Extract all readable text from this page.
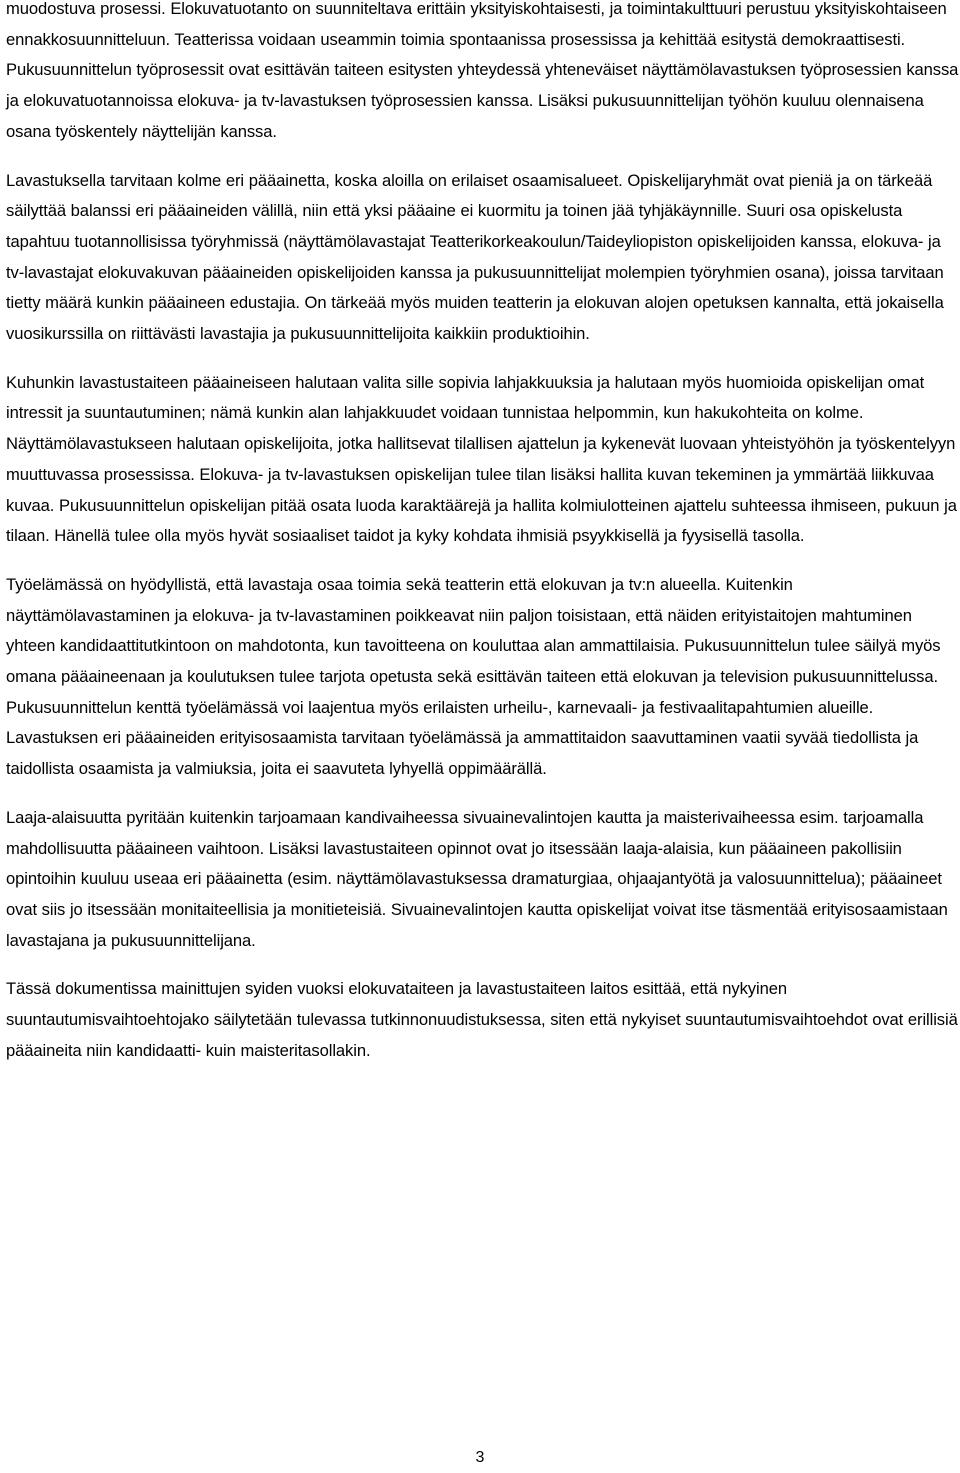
muodostuva prosessi. Elokuvatuotanto on suunniteltava erittäin yksityiskohtaisesti, ja toimintakulttuuri perustuu yksityiskohtaiseen ennakkosuunnitteluun. Teatterissa voidaan useammin toimia spontaanissa prosessissa ja kehittää esitystä demokraattisesti. Pukusuunnittelun työprosessit ovat esittävän taiteen esitysten yhteydessä yhteneväiset näyttämölavastuksen työprosessien kanssa ja elokuvatuotannoissa elokuva- ja tv-lavastuksen työprosessien kanssa. Lisäksi pukusuunnittelijan työhön kuuluu olennaisena osana työskentely näyttelijän kanssa.

Lavastuksella tarvitaan kolme eri pääainetta, koska aloilla on erilaiset osaamisalueet. Opiskelijaryhmät ovat pieniä ja on tärkeää säilyttää balanssi eri pääaineiden välillä, niin että yksi pääaine ei kuormitu ja toinen jää tyhjäkäynnille. Suuri osa opiskelusta tapahtuu tuotannollisissa työryhmissä (näyttämölavastajat Teatterikorkeakoulun/Taideyliopiston opiskelijoiden kanssa, elokuva- ja tv-lavastajat elokuvakuvan pääaineiden opiskelijoiden kanssa ja pukusuunnittelijat molempien työryhmien osana), joissa tarvitaan tietty määrä kunkin pääaineen edustajia. On tärkeää myös muiden teatterin ja elokuvan alojen opetuksen kannalta, että jokaisella vuosikurssilla on riittävästi lavastajia ja pukusuunnittelijoita kaikkiin produktioihin.

Kuhunkin lavastustaiteen pääaineiseen halutaan valita sille sopivia lahjakkuuksia ja halutaan myös huomioida opiskelijan omat intressit ja suuntautuminen; nämä kunkin alan lahjakkuudet voidaan tunnistaa helpommin, kun hakukohteita on kolme. Näyttämölavastukseen halutaan opiskelijoita, jotka hallitsevat tilallisen ajattelun ja kykenevät luovaan yhteistyöhön ja työskentelyyn muuttuvassa prosessissa. Elokuva- ja tv-lavastuksen opiskelijan tulee tilan lisäksi hallita kuvan tekeminen ja ymmärtää liikkuvaa kuvaa. Pukusuunnittelun opiskelijan pitää osata luoda karaktäärejä ja hallita kolmiulotteinen ajattelu suhteessa ihmiseen, pukuun ja tilaan. Hänellä tulee olla myös hyvät sosiaaliset taidot ja kyky kohdata ihmisiä psyykkisellä ja fyysisellä tasolla.

Työelämässä on hyödyllistä, että lavastaja osaa toimia sekä teatterin että elokuvan ja tv:n alueella. Kuitenkin näyttämölavastaminen ja elokuva- ja tv-lavastaminen poikkeavat niin paljon toisistaan, että näiden erityistaitojen mahtuminen yhteen kandidaattitutkintoon on mahdotonta, kun tavoitteena on kouluttaa alan ammattilaisia. Pukusuunnittelun tulee säilyä myös omana pääaineenaan ja koulutuksen tulee tarjota opetusta sekä esittävän taiteen että elokuvan ja television pukusuunnittelussa. Pukusuunnittelun kenttä työelämässä voi laajentua myös erilaisten urheilu-, karnevaali- ja festivaalitapahtumien alueille. Lavastuksen eri pääaineiden erityisosaamista tarvitaan työelämässä ja ammattitaidon saavuttaminen vaatii syvää tiedollista ja taidollista osaamista ja valmiuksia, joita ei saavuteta lyhyellä oppimäärällä.

Laaja-alaisuutta pyritään kuitenkin tarjoamaan kandivaiheessa sivuainevalintojen kautta ja maisterivaiheessa esim. tarjoamalla mahdollisuutta pääaineen vaihtoon. Lisäksi lavastustaiteen opinnot ovat jo itsessään laaja-alaisia, kun pääaineen pakollisiin opintoihin kuuluu useaa eri pääainetta (esim. näyttämölavastuksessa dramaturgiaa, ohjaajantyötä ja valosuunnittelua); pääaineet ovat siis jo itsessään monitaiteellisia ja monitieteisiä. Sivuainevalintojen kautta opiskelijat voivat itse täsmentää erityisosaamistaan lavastajana ja pukusuunnittelijana.

Tässä dokumentissa mainittujen syiden vuoksi elokuvataiteen ja lavastustaiteen laitos esittää, että nykyinen suuntautumisvaihtoehtojako säilytetään tulevassa tutkinnonuudistuksessa, siten että nykyiset suuntautumisvaihtoehdot ovat erillisiä pääaineita niin kandidaatti- kuin maisteritasollakin.

3
